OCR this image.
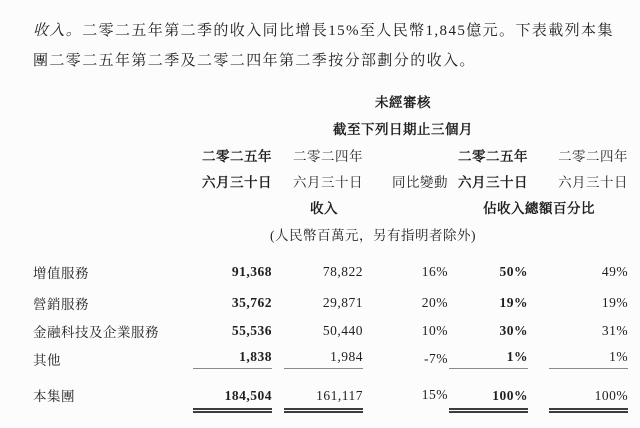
收入。二零二五年第二季的收入同比增長15%至人民幣1,845億元。下表載列本集
團二零二五年第二季及二零二四年第二季按分部劃分的收入。
	未經審核				
	截至下列日期止三個月				
	二零二五年	二零二四年		二零二五年	二零二四年
	六月三十日	六月三十日	同比變動	六月三十日	六月三十日
	收入			佔收入總額百分比	
(人民幣百萬元，另有指明者除外)					
增值服務	91,368	78,822	16%	50%	49%
營銷服務	35,762	29,871	20%	19%	19%
金融科技及企業服務	55,536	50,440	10%	30%	31%
其他	1,838	1,984	-7%	1%	1%
本集團	184,504	161,117	15%	100%	100%
